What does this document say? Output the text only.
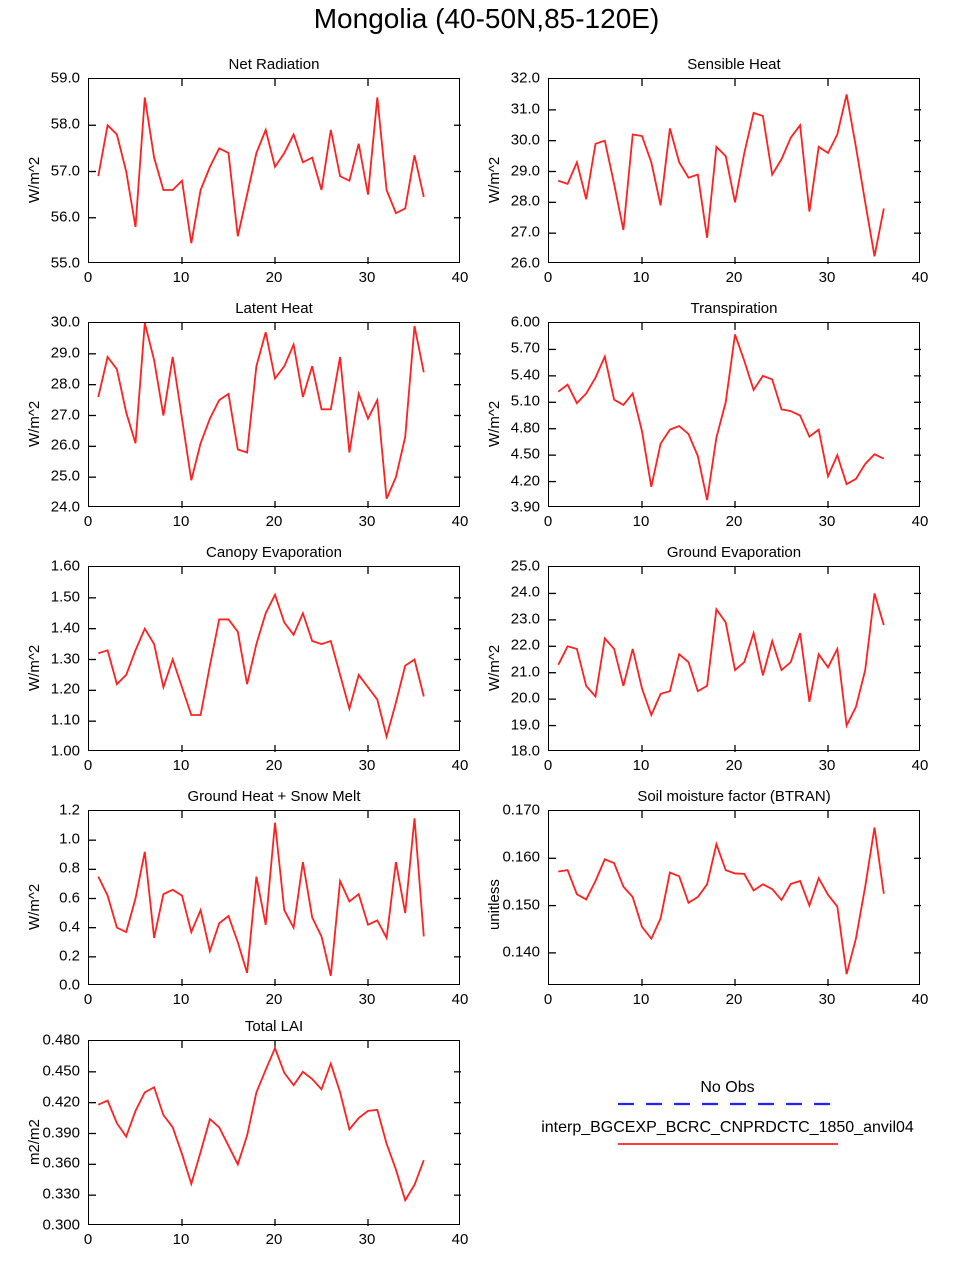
Mongolia (40-50N,85-120E)
Net Radiation
W/m^2
55.0
56.0
57.0
58.0
59.0
0	10	20	30	40
Sensible Heat
W/m^2
26.0
27.0
28.0
29.0
30.0
31.0
32.0
0	10	20	30	40
Latent Heat
W/m^2
24.0
25.0
26.0
27.0
28.0
29.0
30.0
0	10	20	30	40
Transpiration
W/m^2
3.90
4.20
4.50
4.80
5.10
5.40
5.70
6.00
0	10	20	30	40
Canopy Evaporation
W/m^2
1.00
1.10
1.20
1.30
1.40
1.50
1.60
0	10	20	30	40
Ground Evaporation
W/m^2
18.0
19.0
20.0
21.0
22.0
23.0
24.0
25.0
0	10	20	30	40
Ground Heat + Snow Melt
W/m^2
0.0
0.2
0.4
0.6
0.8
1.0
1.2
0	10	20	30	40
Soil moisture factor (BTRAN)
unitless
0.140
0.150
0.160
0.170
0	10	20	30	40
Total LAI
m2/m2
0.300
0.330
0.360
0.390
0.420
0.450
0.480
0	10	20	30	40
No Obs
interp_BGCEXP_BCRC_CNPRDCTC_1850_anvil04
